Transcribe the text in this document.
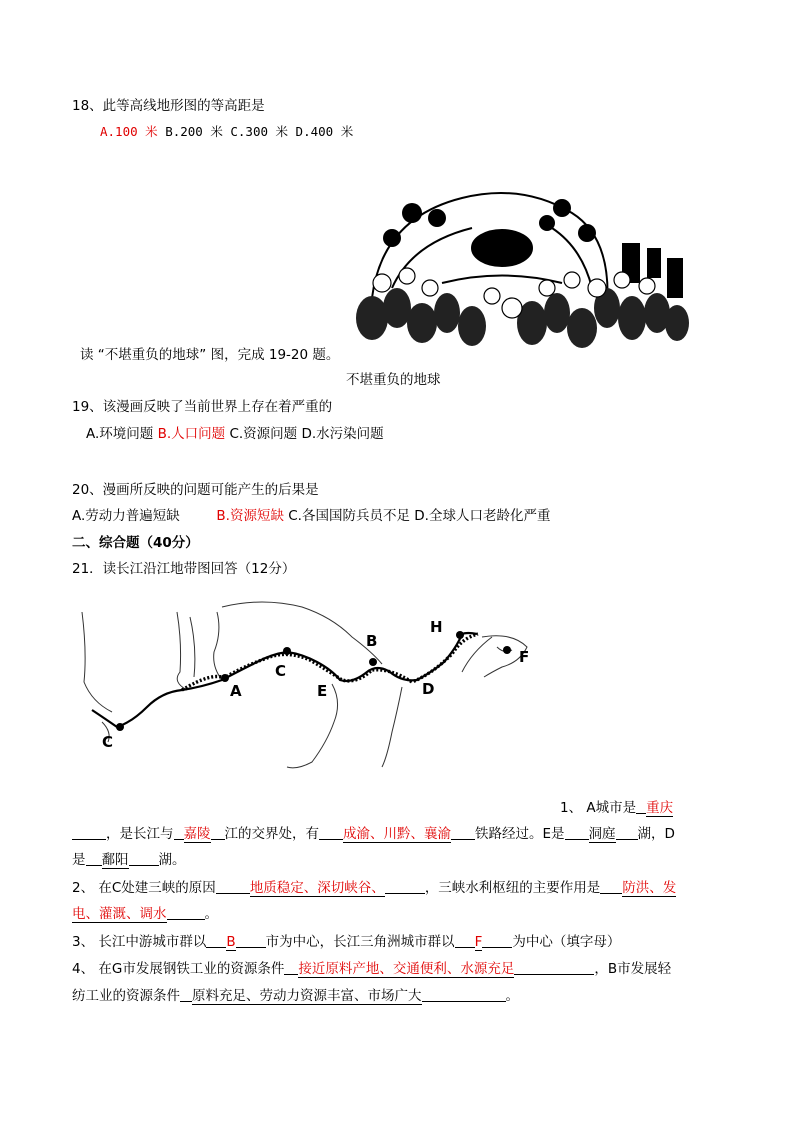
18、此等高线地形图的等高距是
A.100 米 B.200 米 C.300 米 D.400 米
读 “不堪重负的地球” 图，完成 19-20 题。
不堪重负的地球
19、该漫画反映了当前世界上存在着严重的
A.环境问题 B.人口问题 C.资源问题 D.水污染问题
20、漫画所反映的问题可能产生的后果是
A.劳动力普遍短缺	B.资源短缺 C.各国国防兵员不足 D.全球人口老龄化严重
二、综合题（40分）
21．读长江沿江地带图回答（12分）
C
A
C
E
B
D
H
F
1、 A城市是 重庆
，是长江与 嘉陵 江的交界处，有 成渝、川黔、襄渝 铁路经过。E是 洞庭 湖，D
是 鄱阳 湖。
2、 在C处建三峡的原因	地质稳定、深切峡谷、	，三峡水利枢纽的主要作用是 防洪、发
电、灌溉、调水	。
3、 长江中游城市群以 B 市为中心，长江三角洲城市群以 F 为中心（填字母）
4、 在G市发展钢铁工业的资源条件 接近原料产地、交通便利、水源充足	，B市发展轻
纺工业的资源条件 原料充足、劳动力资源丰富、市场广大	。
